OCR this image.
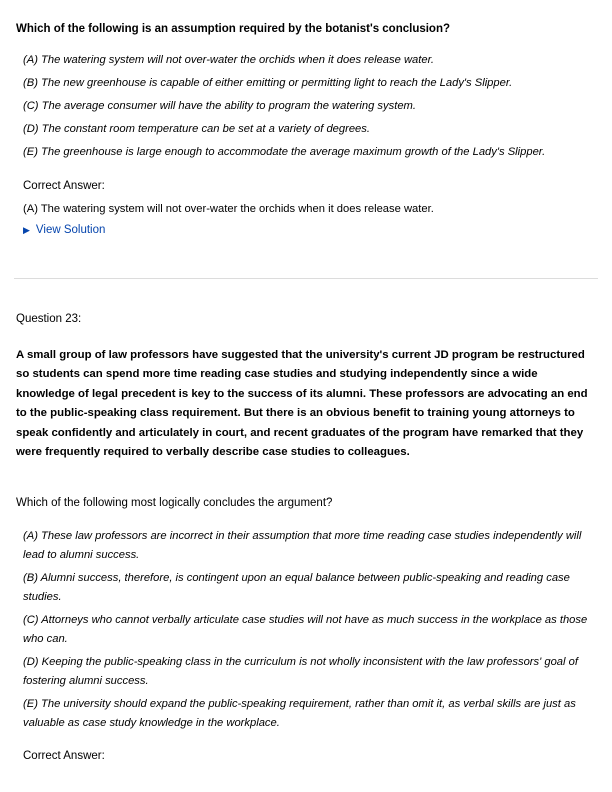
Which of the following is an assumption required by the botanist's conclusion?
(A) The watering system will not over-water the orchids when it does release water.
(B) The new greenhouse is capable of either emitting or permitting light to reach the Lady's Slipper.
(C) The average consumer will have the ability to program the watering system.
(D) The constant room temperature can be set at a variety of degrees.
(E) The greenhouse is large enough to accommodate the average maximum growth of the Lady's Slipper.
Correct Answer:
(A) The watering system will not over-water the orchids when it does release water.
▶ View Solution
Question 23:
A small group of law professors have suggested that the university's current JD program be restructured so students can spend more time reading case studies and studying independently since a wide knowledge of legal precedent is key to the success of its alumni. These professors are advocating an end to the public-speaking class requirement. But there is an obvious benefit to training young attorneys to speak confidently and articulately in court, and recent graduates of the program have remarked that they were frequently required to verbally describe case studies to colleagues.
Which of the following most logically concludes the argument?
(A) These law professors are incorrect in their assumption that more time reading case studies independently will lead to alumni success.
(B) Alumni success, therefore, is contingent upon an equal balance between public-speaking and reading case studies.
(C) Attorneys who cannot verbally articulate case studies will not have as much success in the workplace as those who can.
(D) Keeping the public-speaking class in the curriculum is not wholly inconsistent with the law professors' goal of fostering alumni success.
(E) The university should expand the public-speaking requirement, rather than omit it, as verbal skills are just as valuable as case study knowledge in the workplace.
Correct Answer:
